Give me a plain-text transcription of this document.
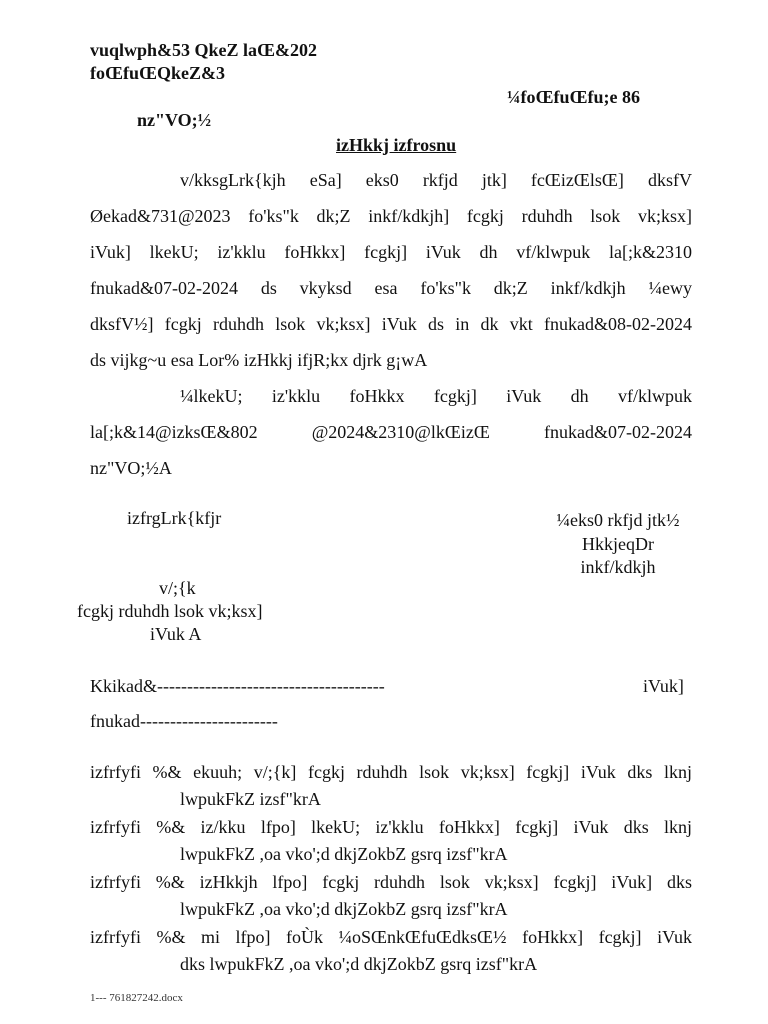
vuqlwph&53 QkeZ laŒ&202
foŒfuŒQkeZ&3
¼foŒfuŒfu;e 86
nz"VO;½
izHkkj izfrosnu
v/kksgLrk{kjh eSa] eks0 rkfjd jtk] fcŒizŒlsŒ] dksfV
Øekad&731@2023 fo'ks"k dk;Z inkf/kdkjh] fcgkj rduhdh lsok vk;ksx]
iVuk] lkekU; iz'kklu foHkkx] fcgkj] iVuk dh vf/klwpuk la[;k&2310
fnukad&07-02-2024 ds vkyksd esa fo'ks"k dk;Z inkf/kdkjh ¼ewy
dksfV½] fcgkj rduhdh lsok vk;ksx] iVuk ds in dk vkt fnukad&08-02-2024
ds vijkg~u esa Lor% izHkkj ifjR;kx djrk g¡wA
¼lkekU; iz'kklu foHkkx fcgkj] iVuk dh vf/klwpuk
la[;k&14@izksŒ&802 @2024&2310@lkŒizŒ fnukad&07-02-2024
nz"VO;½A
izfrgLrk{kfjr	¼eks0 rkfjd jtk½
HkkjeqDr
inkf/kdkjh
v/;{k
fcgkj rduhdh lsok vk;ksx]
iVuk A
Kkikad&--------------------------------------	iVuk]
fnukad-----------------------
izfrfyfi %& ekuuh; v/;{k] fcgkj rduhdh lsok vk;ksx] fcgkj] iVuk dks lknj
lwpukFkZ izsf"krA
izfrfyfi %& iz/kku lfpo] lkekU; iz'kklu foHkkx] fcgkj] iVuk dks lknj
lwpukFkZ ,oa vko';d dkjZokbZ gsrq izsf"krA
izfrfyfi %& izHkkjh lfpo] fcgkj rduhdh lsok vk;ksx] fcgkj] iVuk] dks
lwpukFkZ ,oa vko';d dkjZokbZ gsrq izsf"krA
izfrfyfi %& mi lfpo] foÙk ¼oSŒnkŒfuŒdksŒ½ foHkkx] fcgkj] iVuk
dks lwpukFkZ ,oa vko';d dkjZokbZ gsrq izsf"krA
1--- 761827242.docx
